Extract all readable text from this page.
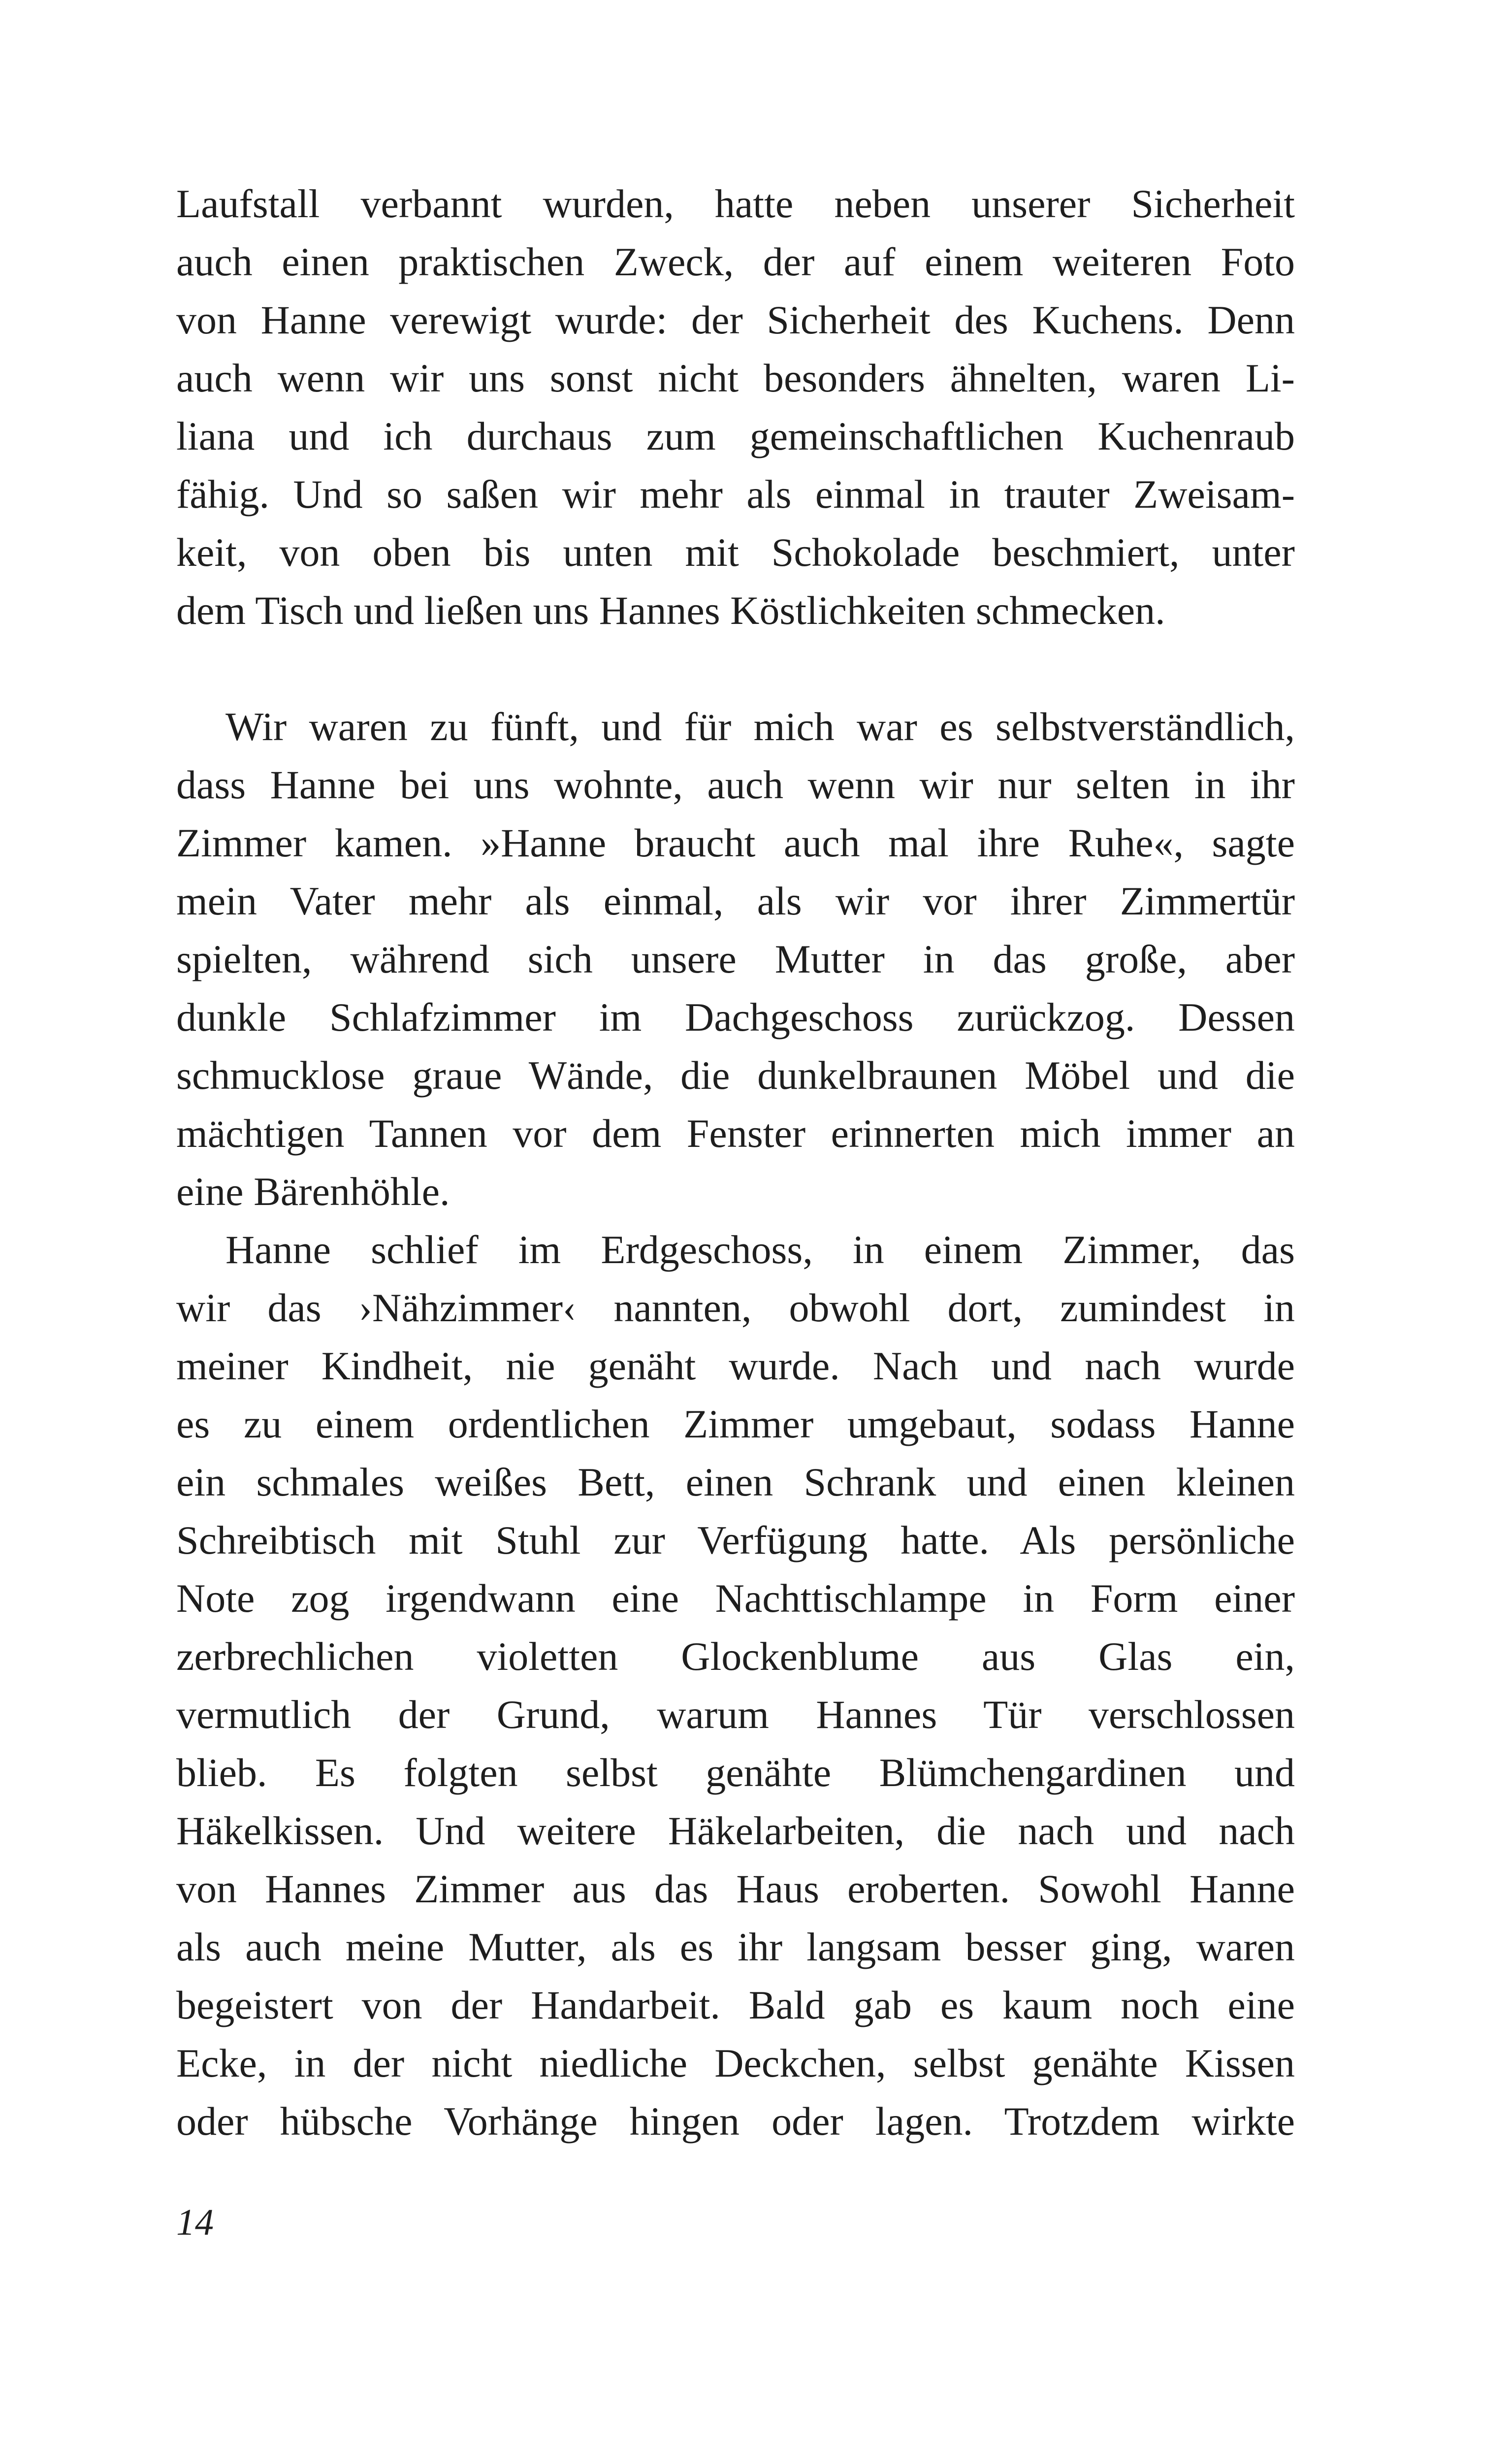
Laufstall verbannt wurden, hatte neben unserer Sicherheit
auch einen praktischen Zweck, der auf einem weiteren Foto
von Hanne verewigt wurde: der Sicherheit des Kuchens. Denn
auch wenn wir uns sonst nicht besonders ähnelten, waren Li-
liana und ich durchaus zum gemeinschaftlichen Kuchenraub
fähig. Und so saßen wir mehr als einmal in trauter Zweisam-
keit, von oben bis unten mit Schokolade beschmiert, unter
dem Tisch und ließen uns Hannes Köstlichkeiten schmecken.
Wir waren zu fünft, und für mich war es selbstverständlich,
dass Hanne bei uns wohnte, auch wenn wir nur selten in ihr
Zimmer kamen. »Hanne braucht auch mal ihre Ruhe«, sagte
mein Vater mehr als einmal, als wir vor ihrer Zimmertür
spielten, während sich unsere Mutter in das große, aber
dunkle Schlafzimmer im Dachgeschoss zurückzog. Dessen
schmucklose graue Wände, die dunkelbraunen Möbel und die
mächtigen Tannen vor dem Fenster erinnerten mich immer an
eine Bärenhöhle.
Hanne schlief im Erdgeschoss, in einem Zimmer, das
wir das ›Nähzimmer‹ nannten, obwohl dort, zumindest in
meiner Kindheit, nie genäht wurde. Nach und nach wurde
es zu einem ordentlichen Zimmer umgebaut, sodass Hanne
ein schmales weißes Bett, einen Schrank und einen kleinen
Schreibtisch mit Stuhl zur Verfügung hatte. Als persönliche
Note zog irgendwann eine Nachttischlampe in Form einer
zerbrechlichen violetten Glockenblume aus Glas ein,
vermutlich der Grund, warum Hannes Tür verschlossen
blieb. Es folgten selbst genähte Blümchengardinen und
Häkelkissen. Und weitere Häkelarbeiten, die nach und nach
von Hannes Zimmer aus das Haus eroberten. Sowohl Hanne
als auch meine Mutter, als es ihr langsam besser ging, waren
begeistert von der Handarbeit. Bald gab es kaum noch eine
Ecke, in der nicht niedliche Deckchen, selbst genähte Kissen
oder hübsche Vorhänge hingen oder lagen. Trotzdem wirkte
14
